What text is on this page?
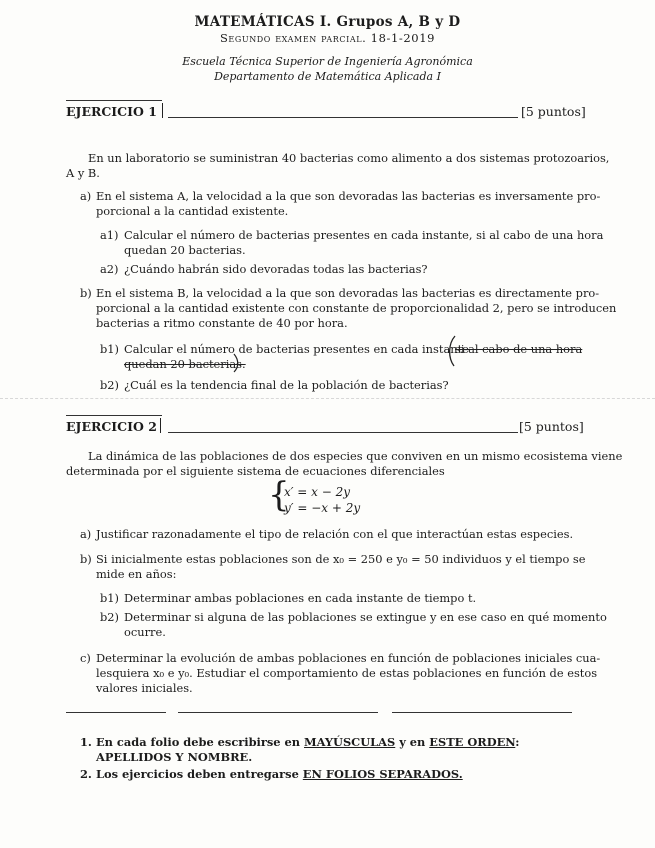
MATEMÁTICAS I. Grupos A, B y D
Segundo examen parcial. 18-1-2019
Escuela Técnica Superior de Ingeniería Agronómica
Departamento de Matemática Aplicada I
EJERCICIO 1	[5 puntos]
En un laboratorio se suministran 40 bacterias como alimento a dos sistemas protozoarios,
A y B.
a) En el sistema A, la velocidad a la que son devoradas las bacterias es inversamente pro-
porcional a la cantidad existente.
a1) Calcular el número de bacterias presentes en cada instante, si al cabo de una hora
quedan 20 bacterias.
a2) ¿Cuándo habrán sido devoradas todas las bacterias?
b) En el sistema B, la velocidad a la que son devoradas las bacterias es directamente pro-
porcional a la cantidad existente con constante de proporcionalidad 2, pero se introducen
bacterias a ritmo constante de 40 por hora.
b1) Calcular el número de bacterias presentes en cada instante
si al cabo de una hora
quedan 20 bacterias.
b2) ¿Cuál es la tendencia final de la población de bacterias?
EJERCICIO 2	[5 puntos]
La dinámica de las poblaciones de dos especies que conviven en un mismo ecosistema viene
determinada por el siguiente sistema de ecuaciones diferenciales
{
x′ = x − 2y
y′ = −x + 2y
a) Justificar razonadamente el tipo de relación con el que interactúan estas especies.
b) Si inicialmente estas poblaciones son de x₀ = 250 e y₀ = 50 individuos y el tiempo se
mide en años:
b1) Determinar ambas poblaciones en cada instante de tiempo t.
b2) Determinar si alguna de las poblaciones se extingue y en ese caso en qué momento
ocurre.
c) Determinar la evolución de ambas poblaciones en función de poblaciones iniciales cua-
lesquiera x₀ e y₀. Estudiar el comportamiento de estas poblaciones en función de estos
valores iniciales.
1. En cada folio debe escribirse en MAYÚSCULAS y en ESTE ORDEN:
APELLIDOS Y NOMBRE.
2. Los ejercicios deben entregarse EN FOLIOS SEPARADOS.
